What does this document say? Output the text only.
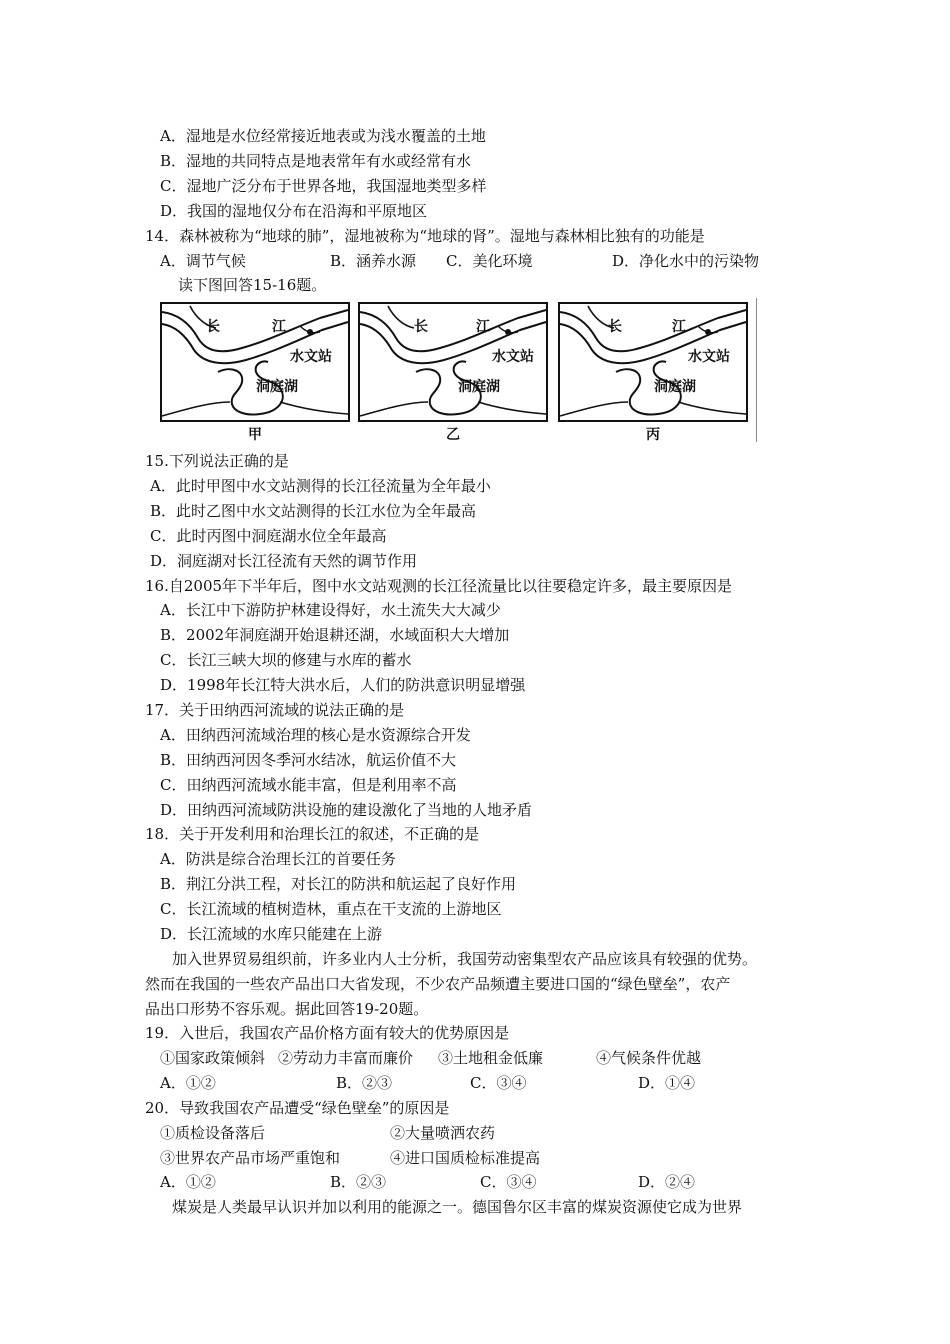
A．湿地是水位经常接近地表或为浅水覆盖的土地
B．湿地的共同特点是地表常年有水或经常有水
C．湿地广泛分布于世界各地，我国湿地类型多样
D．我国的湿地仅分布在沿海和平原地区
14．森林被称为“地球的肺”，湿地被称为“地球的肾”。湿地与森林相比独有的功能是
A．调节气候	B．涵养水源 C．美化环境	D．净化水中的污染物
读下图回答15-16题。
长	江
水文站
洞庭湖
甲
长	江
水文站
洞庭湖
乙
长	江
水文站
洞庭湖
丙
15.下列说法正确的是
A．此时甲图中水文站测得的长江径流量为全年最小
B．此时乙图中水文站测得的长江水位为全年最高
C．此时丙图中洞庭湖水位全年最高
D．洞庭湖对长江径流有天然的调节作用
16.自2005年下半年后，图中水文站观测的长江径流量比以往要稳定许多，最主要原因是
A．长江中下游防护林建设得好，水土流失大大减少
B．2002年洞庭湖开始退耕还湖，水域面积大大增加
C．长江三峡大坝的修建与水库的蓄水
D．1998年长江特大洪水后，人们的防洪意识明显增强
17．关于田纳西河流域的说法正确的是
A．田纳西河流域治理的核心是水资源综合开发
B．田纳西河因冬季河水结冰，航运价值不大
C．田纳西河流域水能丰富，但是利用率不高
D．田纳西河流域防洪设施的建设激化了当地的人地矛盾
18．关于开发利用和治理长江的叙述，不正确的是
A．防洪是综合治理长江的首要任务
B．荆江分洪工程，对长江的防洪和航运起了良好作用
C．长江流域的植树造林，重点在干支流的上游地区
D．长江流域的水库只能建在上游
加入世界贸易组织前，许多业内人士分析，我国劳动密集型农产品应该具有较强的优势。
然而在我国的一些农产品出口大省发现，不少农产品频遭主要进口国的“绿色壁垒”，农产
品出口形势不容乐观。据此回答19-20题。
19．入世后，我国农产品价格方面有较大的优势原因是
①国家政策倾斜 ②劳动力丰富而廉价 ③土地租金低廉	④气候条件优越
A．①②	B．②③	C．③④	D．①④
20．导致我国农产品遭受“绿色壁垒”的原因是
①质检设备落后	②大量喷洒农药
③世界农产品市场严重饱和	④进口国质检标准提高
A．①②	B．②③	C．③④	D．②④
煤炭是人类最早认识并加以利用的能源之一。德国鲁尔区丰富的煤炭资源使它成为世界
